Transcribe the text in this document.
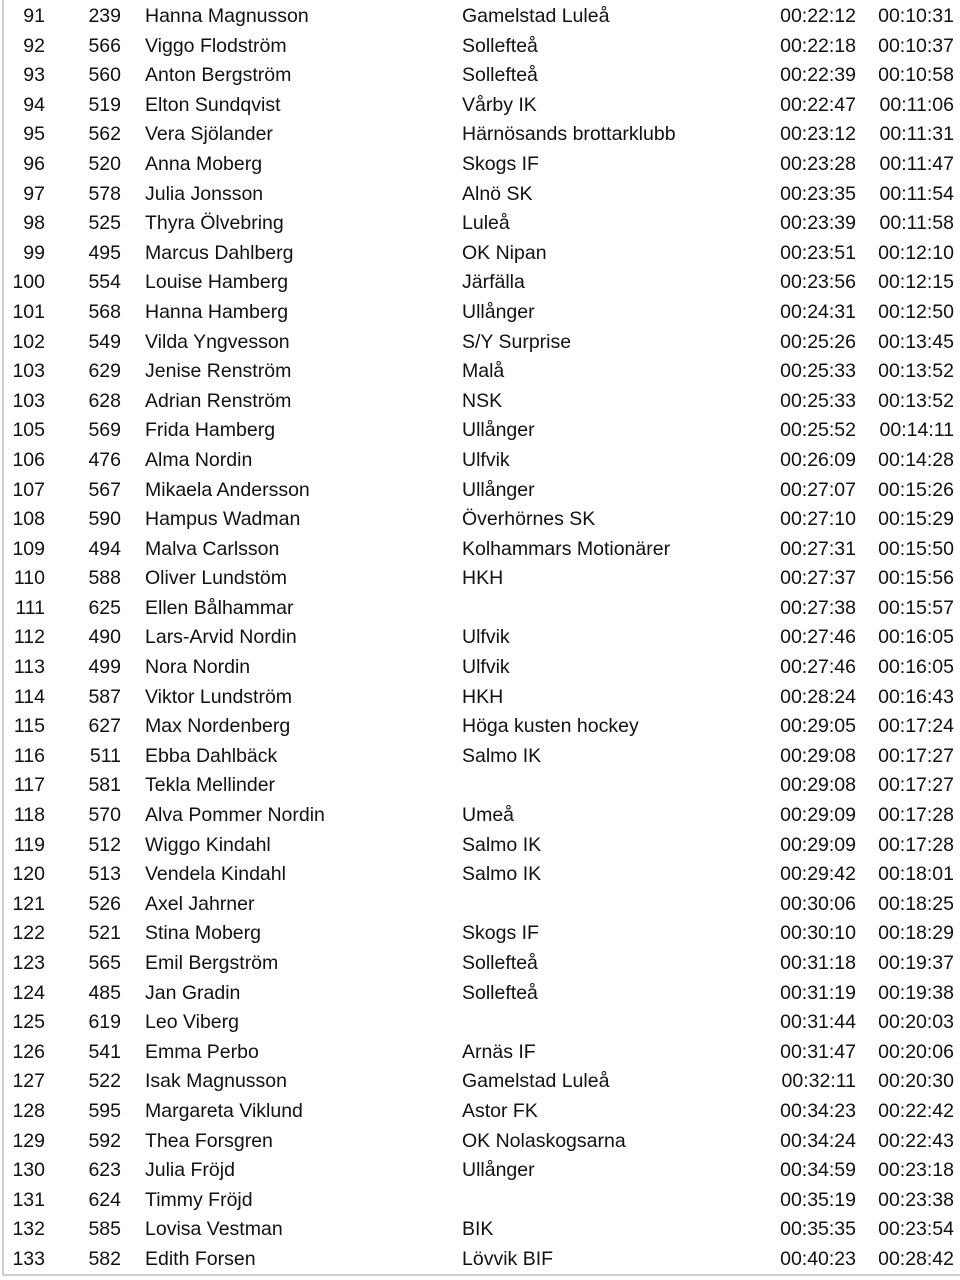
91	239	Hanna Magnusson	Gamelstad Luleå	00:22:12	00:10:31
92	566	Viggo Flodström	Sollefteå	00:22:18	00:10:37
93	560	Anton Bergström	Sollefteå	00:22:39	00:10:58
94	519	Elton Sundqvist	Vårby IK	00:22:47	00:11:06
95	562	Vera Sjölander	Härnösands brottarklubb	00:23:12	00:11:31
96	520	Anna Moberg	Skogs IF	00:23:28	00:11:47
97	578	Julia Jonsson	Alnö SK	00:23:35	00:11:54
98	525	Thyra Ölvebring	Luleå	00:23:39	00:11:58
99	495	Marcus Dahlberg	OK Nipan	00:23:51	00:12:10
100	554	Louise Hamberg	Järfälla	00:23:56	00:12:15
101	568	Hanna Hamberg	Ullånger	00:24:31	00:12:50
102	549	Vilda Yngvesson	S/Y Surprise	00:25:26	00:13:45
103	629	Jenise Renström	Malå	00:25:33	00:13:52
103	628	Adrian Renström	NSK	00:25:33	00:13:52
105	569	Frida Hamberg	Ullånger	00:25:52	00:14:11
106	476	Alma Nordin	Ulfvik	00:26:09	00:14:28
107	567	Mikaela Andersson	Ullånger	00:27:07	00:15:26
108	590	Hampus Wadman	Överhörnes SK	00:27:10	00:15:29
109	494	Malva Carlsson	Kolhammars Motionärer	00:27:31	00:15:50
110	588	Oliver Lundstöm	HKH	00:27:37	00:15:56
111	625	Ellen Bålhammar		00:27:38	00:15:57
112	490	Lars-Arvid Nordin	Ulfvik	00:27:46	00:16:05
113	499	Nora Nordin	Ulfvik	00:27:46	00:16:05
114	587	Viktor Lundström	HKH	00:28:24	00:16:43
115	627	Max Nordenberg	Höga kusten hockey	00:29:05	00:17:24
116	511	Ebba Dahlbäck	Salmo IK	00:29:08	00:17:27
117	581	Tekla Mellinder		00:29:08	00:17:27
118	570	Alva Pommer Nordin	Umeå	00:29:09	00:17:28
119	512	Wiggo Kindahl	Salmo IK	00:29:09	00:17:28
120	513	Vendela Kindahl	Salmo IK	00:29:42	00:18:01
121	526	Axel Jahrner		00:30:06	00:18:25
122	521	Stina Moberg	Skogs IF	00:30:10	00:18:29
123	565	Emil Bergström	Sollefteå	00:31:18	00:19:37
124	485	Jan Gradin	Sollefteå	00:31:19	00:19:38
125	619	Leo Viberg		00:31:44	00:20:03
126	541	Emma Perbo	Arnäs IF	00:31:47	00:20:06
127	522	Isak Magnusson	Gamelstad Luleå	00:32:11	00:20:30
128	595	Margareta Viklund	Astor FK	00:34:23	00:22:42
129	592	Thea Forsgren	OK Nolaskogsarna	00:34:24	00:22:43
130	623	Julia Fröjd	Ullånger	00:34:59	00:23:18
131	624	Timmy Fröjd		00:35:19	00:23:38
132	585	Lovisa Vestman	BIK	00:35:35	00:23:54
133	582	Edith Forsen	Lövvik BIF	00:40:23	00:28:42
